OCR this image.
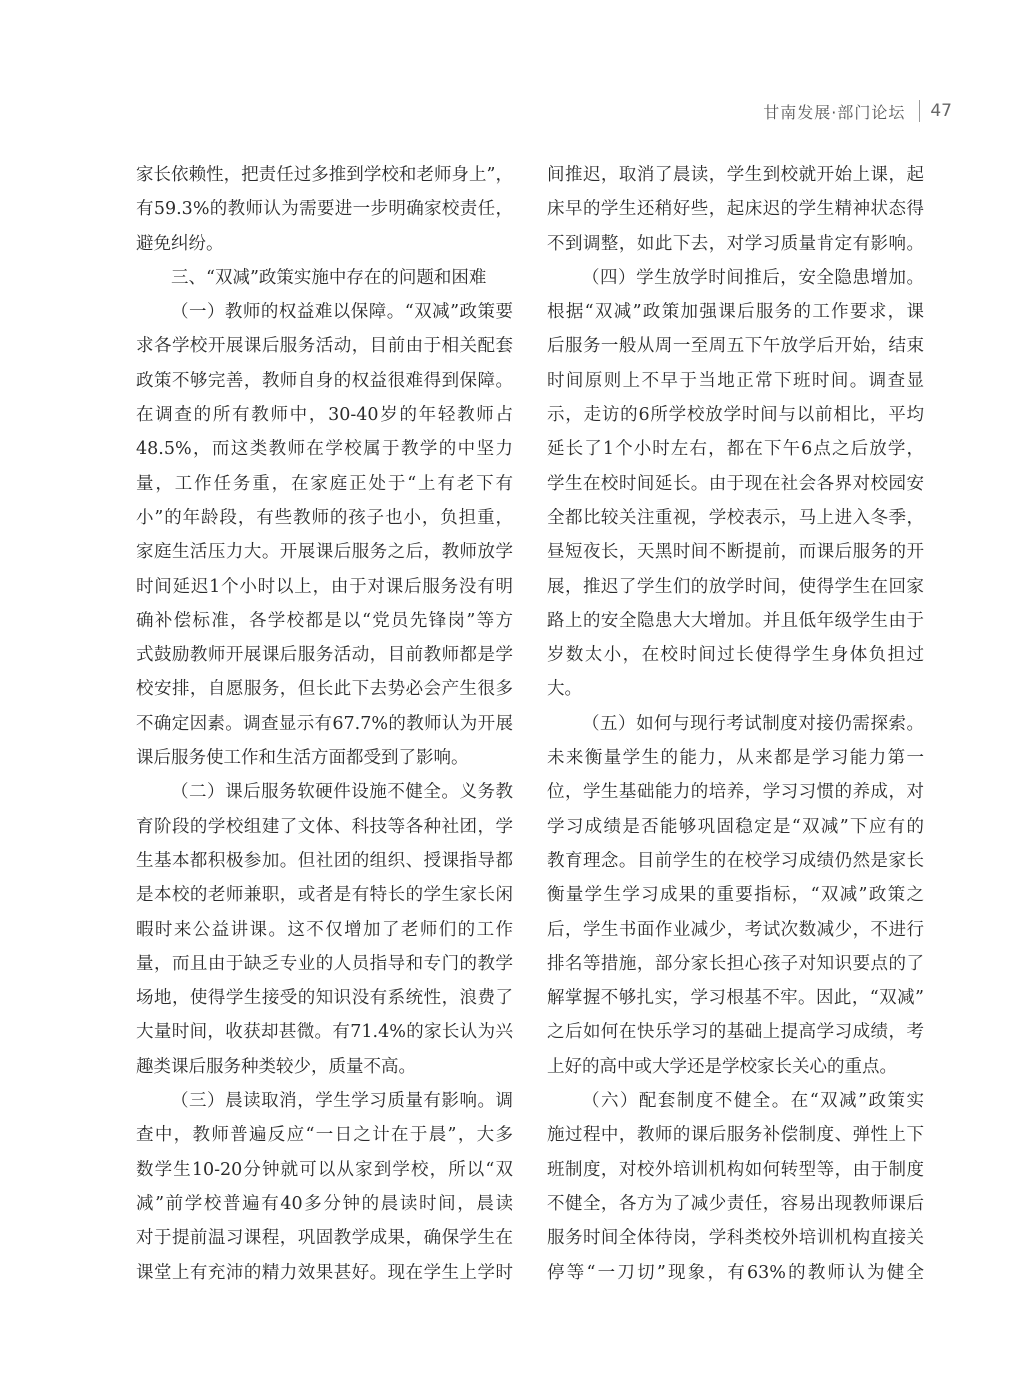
甘南发展·部门论坛 47
家长依赖性，把责任过多推到学校和老师身上”，
有59.3%的教师认为需要进一步明确家校责任，
避免纠纷。
三、“双减”政策实施中存在的问题和困难
（一）教师的权益难以保障。“双减”政策要
求各学校开展课后服务活动，目前由于相关配套
政策不够完善，教师自身的权益很难得到保障。
在调查的所有教师中，30-40岁的年轻教师占
48.5%，而这类教师在学校属于教学的中坚力
量，工作任务重，在家庭正处于“上有老下有
小”的年龄段，有些教师的孩子也小，负担重，
家庭生活压力大。开展课后服务之后，教师放学
时间延迟1个小时以上，由于对课后服务没有明
确补偿标准，各学校都是以“党员先锋岗”等方
式鼓励教师开展课后服务活动，目前教师都是学
校安排，自愿服务，但长此下去势必会产生很多
不确定因素。调查显示有67.7%的教师认为开展
课后服务使工作和生活方面都受到了影响。
（二）课后服务软硬件设施不健全。义务教
育阶段的学校组建了文体、科技等各种社团，学
生基本都积极参加。但社团的组织、授课指导都
是本校的老师兼职，或者是有特长的学生家长闲
暇时来公益讲课。这不仅增加了老师们的工作
量，而且由于缺乏专业的人员指导和专门的教学
场地，使得学生接受的知识没有系统性，浪费了
大量时间，收获却甚微。有71.4%的家长认为兴
趣类课后服务种类较少，质量不高。
（三）晨读取消，学生学习质量有影响。调
查中，教师普遍反应“一日之计在于晨”，大多
数学生10-20分钟就可以从家到学校，所以“双
减”前学校普遍有40多分钟的晨读时间，晨读
对于提前温习课程，巩固教学成果，确保学生在
课堂上有充沛的精力效果甚好。现在学生上学时
间推迟，取消了晨读，学生到校就开始上课，起
床早的学生还稍好些，起床迟的学生精神状态得
不到调整，如此下去，对学习质量肯定有影响。
（四）学生放学时间推后，安全隐患增加。
根据“双减”政策加强课后服务的工作要求，课
后服务一般从周一至周五下午放学后开始，结束
时间原则上不早于当地正常下班时间。调查显
示，走访的6所学校放学时间与以前相比，平均
延长了1个小时左右，都在下午6点之后放学，
学生在校时间延长。由于现在社会各界对校园安
全都比较关注重视，学校表示，马上进入冬季，
昼短夜长，天黑时间不断提前，而课后服务的开
展，推迟了学生们的放学时间，使得学生在回家
路上的安全隐患大大增加。并且低年级学生由于
岁数太小，在校时间过长使得学生身体负担过
大。
（五）如何与现行考试制度对接仍需探索。
未来衡量学生的能力，从来都是学习能力第一
位，学生基础能力的培养，学习习惯的养成，对
学习成绩是否能够巩固稳定是“双减”下应有的
教育理念。目前学生的在校学习成绩仍然是家长
衡量学生学习成果的重要指标，“双减”政策之
后，学生书面作业减少，考试次数减少，不进行
排名等措施，部分家长担心孩子对知识要点的了
解掌握不够扎实，学习根基不牢。因此，“双减”
之后如何在快乐学习的基础上提高学习成绩，考
上好的高中或大学还是学校家长关心的重点。
（六）配套制度不健全。在“双减”政策实
施过程中，教师的课后服务补偿制度、弹性上下
班制度，对校外培训机构如何转型等，由于制度
不健全，各方为了减少责任，容易出现教师课后
服务时间全体待岗，学科类校外培训机构直接关
停等“一刀切”现象，有63%的教师认为健全
